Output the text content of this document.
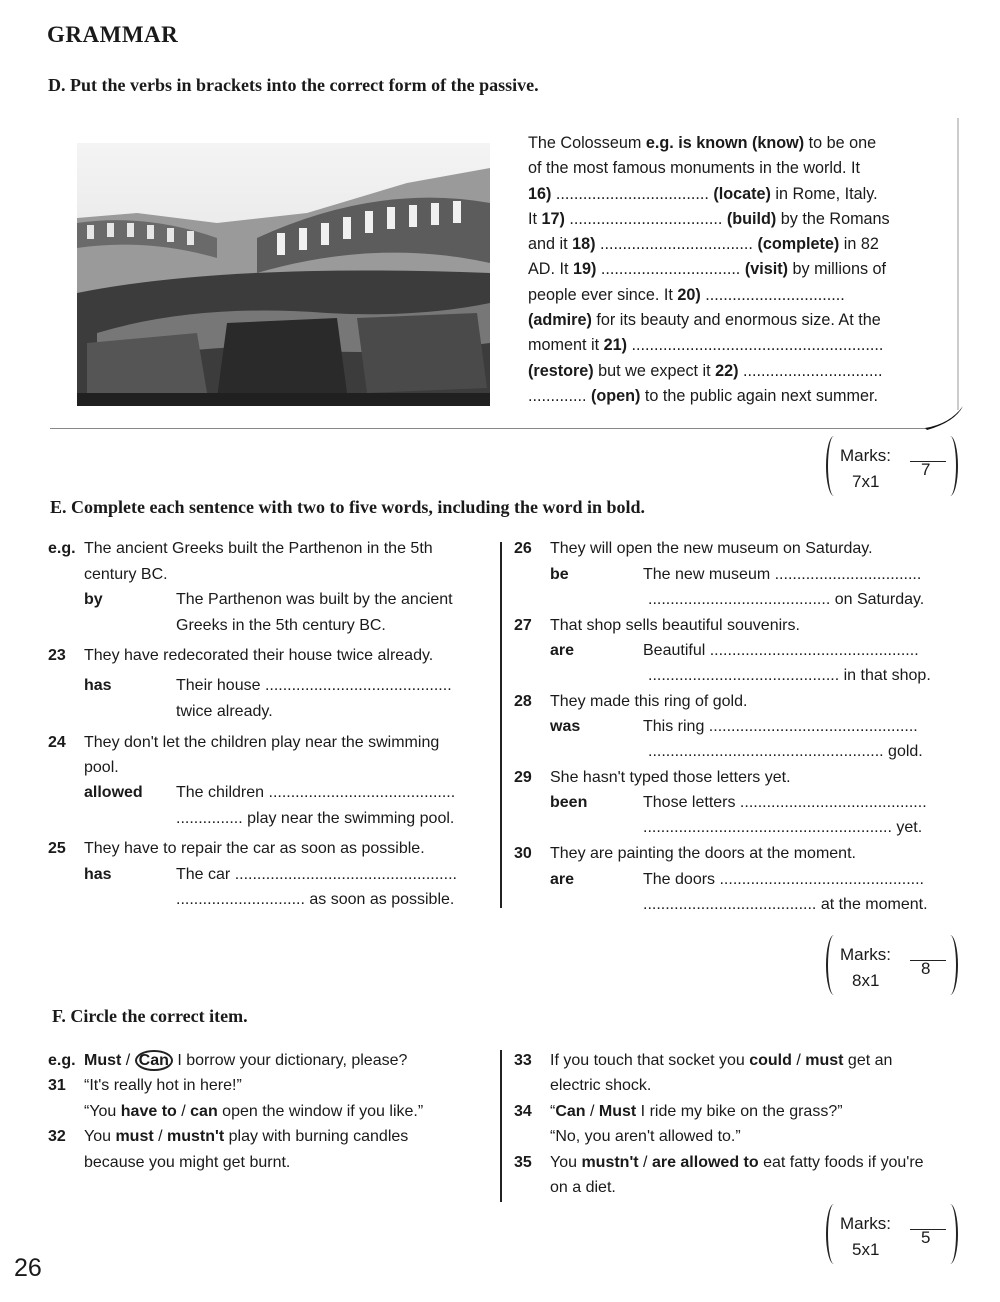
GRAMMAR
D. Put the verbs in brackets into the correct form of the passive.
The Colosseum e.g. is known (know) to be one
of the most famous monuments in the world. It
16) .................................. (locate) in Rome, Italy.
It 17) .................................. (build) by the Romans
and it 18) .................................. (complete) in 82
AD. It 19) ............................... (visit) by millions of
people ever since. It 20) ...............................
(admire) for its beauty and enormous size. At the
moment it 21) ........................................................
(restore) but we expect it 22) ...............................
............. (open) to the public again next summer.
Marks:
7x1
7
E. Complete each sentence with two to five words, including the word in bold.
e.g. The ancient Greeks built the Parthenon in the 5th
century BC.
by	The Parthenon was built by the ancient
Greeks in the 5th century BC.
23 They have redecorated their house twice already.
has	Their house ..........................................
twice already.
24 They don't let the children play near the swimming
pool.
allowed The children ..........................................
............... play near the swimming pool.
25 They have to repair the car as soon as possible.
has	The car ..................................................
............................. as soon as possible.
26 They will open the new museum on Saturday.
be	The new museum .................................
......................................... on Saturday.
27 That shop sells beautiful souvenirs.
are	Beautiful ...............................................
........................................... in that shop.
28 They made this ring of gold.
was	This ring ...............................................
..................................................... gold.
29 She hasn't typed those letters yet.
been	Those letters ..........................................
........................................................ yet.
30 They are painting the doors at the moment.
are	The doors ..............................................
....................................... at the moment.
Marks:
8x1
8
F. Circle the correct item.
e.g. Must / Can I borrow your dictionary, please?
31 “It's really hot in here!”
“You have to / can open the window if you like.”
32 You must / mustn't play with burning candles
because you might get burnt.
33 If you touch that socket you could / must get an
electric shock.
34 “Can / Must I ride my bike on the grass?”
“No, you aren't allowed to.”
35 You mustn't / are allowed to eat fatty foods if you're
on a diet.
Marks:
5x1
5
26
